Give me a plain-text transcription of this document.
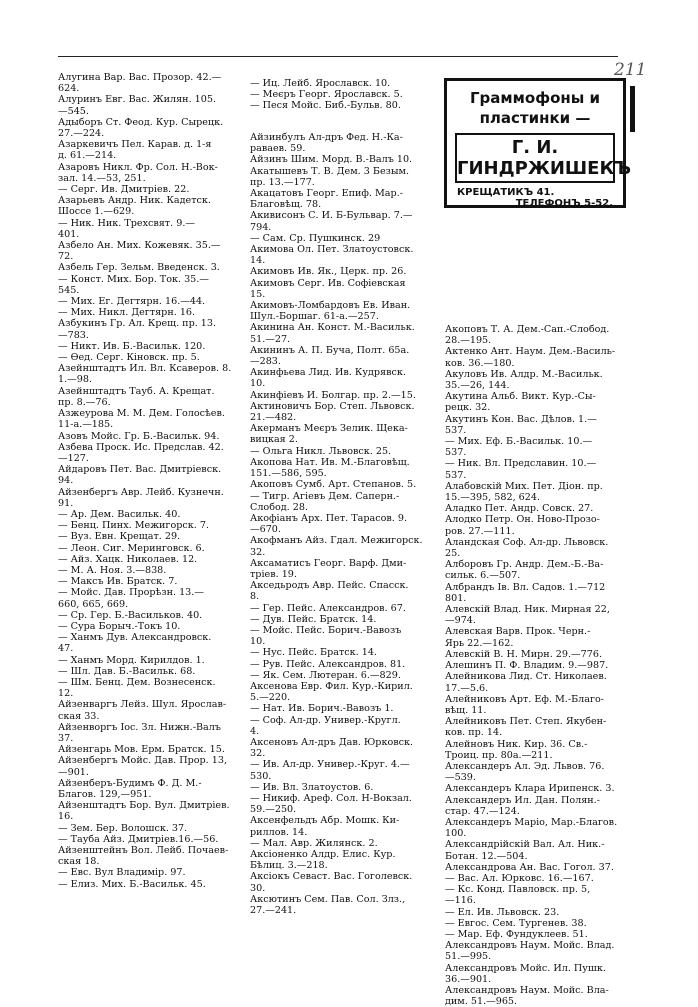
211
Алугина Вар. Вас. Прозор. 42.—
624.
Алуринъ Евг. Вас. Жилян. 105.
—545.
Адыборъ Ст. Феод. Кур. Сырецк.
27.—224.
Азаркевичъ Пел. Карав. д. 1-я
д. 61.—214.
Азаровъ Никл. Фр. Сол. Н.-Вок-
зал. 14.—53, 251.
— Серг. Ив. Дмитріев. 22.
Азарьевъ Андр. Ник. Кадетск.
Шоссе 1.—629.
— Ник. Ник. Трехсвят. 9.—
401.
Азбело Ан. Мих. Кожевяк. 35.—
72.
Азбель Гер. Зельм. Введенск. 3.
— Конст. Мих. Бор. Ток. 35.—
545.
— Мих. Ег. Дегтярн. 16.—44.
— Мих. Никл. Дегтярн. 16.
Азбукинъ Гр. Ал. Крещ. пр. 13.
—783.
— Никт. Ив. Б.-Васильк. 120.
— Өед. Серг. Кіновск. пр. 5.
Азейнштадтъ Ил. Вл. Ксаверов. 8.
1.—98.
Азейнштадтъ Тауб. А. Крещат.
пр. 8.—76.
Азжеурова М. М. Дем. Голосѣев.
11-а.—185.
Азовъ Мойс. Гр. Б.-Васильк. 94.
Азбева Проск. Ис. Предслав. 42.
—127.
Айдаровъ Пет. Вас. Дмитріевск.
94.
Айзенбергъ Авр. Лейб. Кузнечн.
91.
— Ар. Дем. Васильк. 40.
— Бенц. Пинх. Межигорск. 7.
— Вуз. Евн. Крещат. 29.
— Леон. Сиг. Меринговск. 6.
— Айз. Хацк. Николаев. 12.
— М. А. Ноя. 3.—838.
— Максъ Ив. Братск. 7.
— Мойс. Дав. Прорѣзн. 13.—
660, 665, 669.
— Ср. Гер. Б.-Васильков. 40.
— Сура Борыч.-Токъ 10.
— Ханмъ Дув. Александровск.
47.
— Ханмъ Морд. Кирилдов. 1.
— Шл. Дав. Б.-Васильк. 68.
— Шм. Бенц. Дем. Вознесенск.
12.
Айзенваргъ Лейз. Шул. Ярослав-
ская 33.
Айзенворгъ Іос. Зл. Нижн.-Валъ
37.
Айзенгарь Мов. Ерм. Братск. 15.
Айзенбергъ Мойс. Дав. Прор. 13,
—901.
Айзенберъ-Будимъ Ф. Д. М.-
Благов. 129,—951.
Айзенштадтъ Бор. Вул. Дмитріев.
16.
— Зем. Бер. Волошск. 37.
— Тауба Айз. Дмитріев.16.—56.
Айзенштейнъ Вол. Лейб. Почаев-
ская 18.
— Евс. Вул Владимір. 97.
— Елиз. Мих. Б.-Васильк. 45.
— Иц. Лейб. Ярославск. 10.
— Меєръ Георг. Ярославск. 5.
— Песя Мойс. Биб.-Бульв. 80.
Айзинбулъ Ал-дръ Фед. Н.-Ка-
раваев. 59.
Айзинъ Шим. Морд. В.-Валъ 10.
Акатышевъ Т. В. Дем. 3 Безым.
пр. 13.—177.
Акацатовъ Георг. Епиф. Мар.-
Благовѣщ. 78.
Акивисонъ С. И. Б-Бульвар. 7.—
794.
— Сам. Ср. Пушкинск. 29
Акимова Ол. Пет. Златоустовск.
14.
Акимовъ Ив. Як., Церк. пр. 26.
Акимовъ Серг. Ив. Софіевская
15.
Акимовъ-Ломбардовъ Ев. Иван.
Шул.-Боршаг. 61-а.—257.
Акинина Ан. Конст. М.-Васильк.
51.—27.
Акининъ А. П. Буча, Полт. 65а.
—283.
Акинфьева Лид. Ив. Кудрявск.
10.
Акинфіевъ И. Болгар. пр. 2.—15.
Актиновичъ Бор. Степ. Львовск.
21.—482.
Акерманъ Меєръ Зелик. Щека-
вицкая 2.
— Ольга Никл. Львовск. 25.
Акопова Нат. Ив. М.-Благовѣщ.
151.—586, 595.
Акоповъ Сумб. Арт. Степанов. 5.
— Тигр. Агіевъ Дем. Саперн.-
Слобод. 28.
Акофіанъ Арх. Пет. Тарасов. 9.
—670.
Акофманъ Айз. Гдал. Межигорск.
32.
Аксаматисъ Георг. Варф. Дми-
тріев. 19.
Акседьродъ Авр. Пейс. Спасск.
8.
— Гер. Пейс. Александров. 67.
— Дув. Пейс. Братск. 14.
— Мойс. Пейс. Борич.-Вавозъ
10.
— Нус. Пейс. Братск. 14.
— Рув. Пейс. Александров. 81.
— Як. Сем. Лютеран. 6.—829.
Аксенова Евр. Фил. Кур.-Кирил.
5.—220.
— Нат. Ив. Борич.-Вавозъ 1.
— Соф. Ал-др. Универ.-Кругл.
4.
Аксеновъ Ал-дръ Дав. Юрковск.
32.
— Ив. Ал-др. Универ.-Круг. 4.—
530.
— Ив. Вл. Златоустов. 6.
— Никиф. Ареф. Сол. Н-Вокзал.
59.—250.
Аксенфельдъ Абр. Мошк. Ки-
риллов. 14.
— Мал. Авр. Жилянск. 2.
Аксіоненко Алдр. Елис. Кур.
Бѣлиц. 3.—218.
Аксіокъ Севаст. Вас. Гоголевск.
30.
Аксютинъ Сем. Пав. Сол. Злз.,
27.—241.
Граммофоны и
пластинки —
Г. И. ГИНДРЖИШЕКЪ
КРЕЩАТИКЪ 41.
ТЕЛЕФОНЪ 5-52.
Акоповъ Т. А. Дем.-Сап.-Слобод.
28.—195.
Актенко Ант. Наум. Дем.-Василь-
ков. 36.—180.
Акуловъ Ив. Алдр. М.-Васильк.
35.—26, 144.
Акутина Альб. Викт. Кур.-Сы-
рецк. 32.
Акутинъ Кон. Вас. Дѣлов. 1.—
537.
— Мих. Еф. Б.-Васильк. 10.—
537.
— Ник. Вл. Предславин. 10.—
537.
Алабовскій Мих. Пет. Діон. пр.
15.—395, 582, 624.
Аладко Пет. Андр. Совск. 27.
Алодко Петр. Он. Ново-Прозо-
ров. 27.—111.
Аландская Соф. Ал-др. Львовск.
25.
Алборовъ Гр. Андр. Дем.-Б.-Ва-
сильк. 6.—507.
Албрандъ Ів. Вл. Садов. 1.—712
801.
Алевскій Влад. Ник. Мирная 22,
—974.
Алевская Варв. Прок. Черн.-
Ярь 22.—162.
Алевскій В. Н. Мирн. 29.—776.
Алешинъ П. Ф. Владим. 9.—987.
Алейникова Лид. Ст. Николаев.
17.—5.6.
Алейниковъ Арт. Еф. М.-Благо-
вѣщ. 11.
Алейниковъ Пет. Степ. Якубен-
ков. пр. 14.
Алейновъ Ник. Кир. 36. Св.-
Троиц. пр. 80а.—211.
Александеръ Ал. Эд. Львов. 76.
—539.
Александеръ Клара Ирипенск. 3.
Александеръ Ил. Дан. Полян.-
стар. 47.—124.
Александеръ Маріо, Мар.-Благов.
100.
Александрійскій Вал. Ал. Ник.-
Ботан. 12.—504.
Александрова Ан. Вас. Гогол. 37.
— Вас. Ал. Юрковс. 16.—167.
— Кс. Конд. Павловск. пр. 5,
—116.
— Ел. Ив. Львовск. 23.
— Евгос. Сем. Тургенев. 38.
— Мар. Еф. Фундуклеев. 51.
Александровъ Наум. Мойс. Влад.
51.—995.
Александровъ Мойс. Ил. Пушк.
36.—901.
Александровъ Наум. Мойс. Вла-
дим. 51.—965.
